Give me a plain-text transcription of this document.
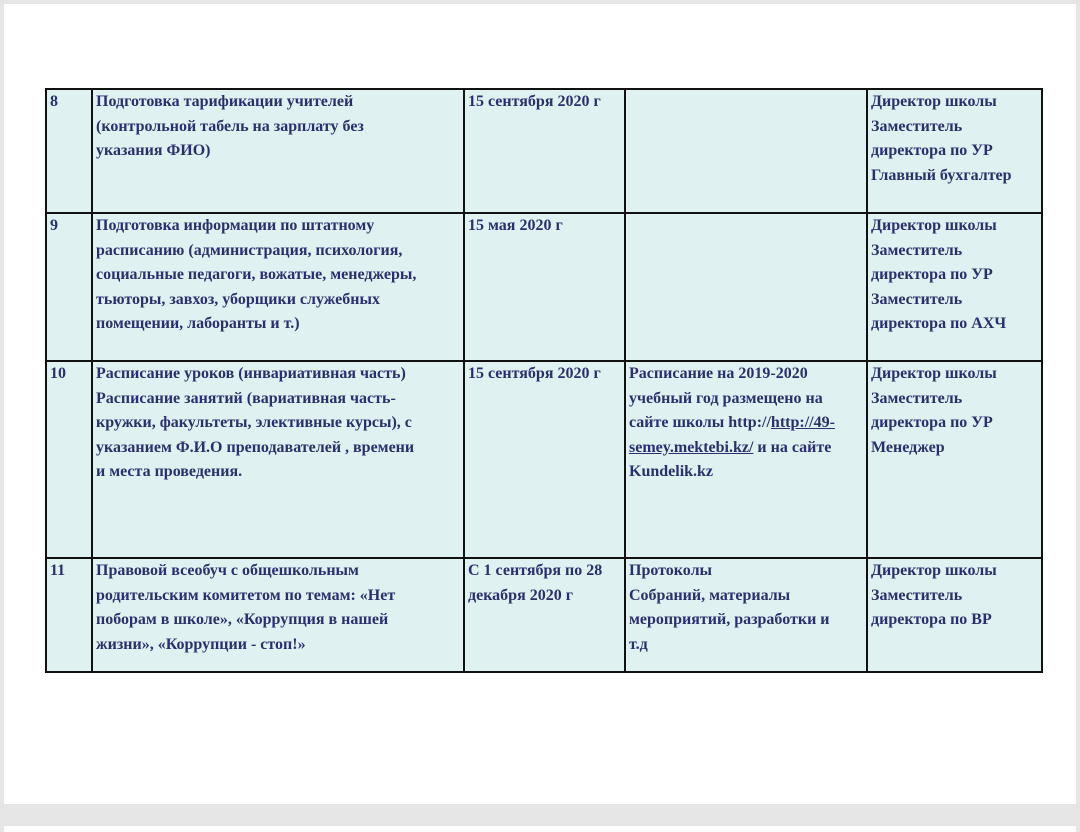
8	Подготовка тарификации учителей
(контрольной табель на зарплату без
указания ФИО)	15 сентября 2020 г		Директор школы
Заместитель
директора по УР
Главный бухгалтер

9	Подготовка информации по штатному
расписанию (администрация, психология,
социальные педагоги, вожатые, менеджеры,
тьюторы, завхоз, уборщики служебных
помещении, лаборанты и т.)	15 мая 2020 г		Директор школы
Заместитель
директора по УР
Заместитель
директора по АХЧ

10	Расписание уроков (инвариативная часть)
Расписание занятий (вариативная часть-
кружки, факультеты, элективные курсы), с
указанием Ф.И.О преподавателей , времени
и места проведения.	15 сентября 2020 г	Расписание на 2019-2020
учебный год размещено на
сайте школы http://http://49-
semey.mektebi.kz/ и на сайте
Kundelik.kz	Директор школы
Заместитель
директора по УР
Менеджер

11	Правовой всеобуч с общешкольным
родительским комитетом по темам: «Нет
поборам в школе», «Коррупция в нашей
жизни», «Коррупции - стоп!»	С 1 сентября по 28
декабря 2020 г	Протоколы
Собраний, материалы
мероприятий, разработки и
т.д	Директор школы
Заместитель
директора по ВР
